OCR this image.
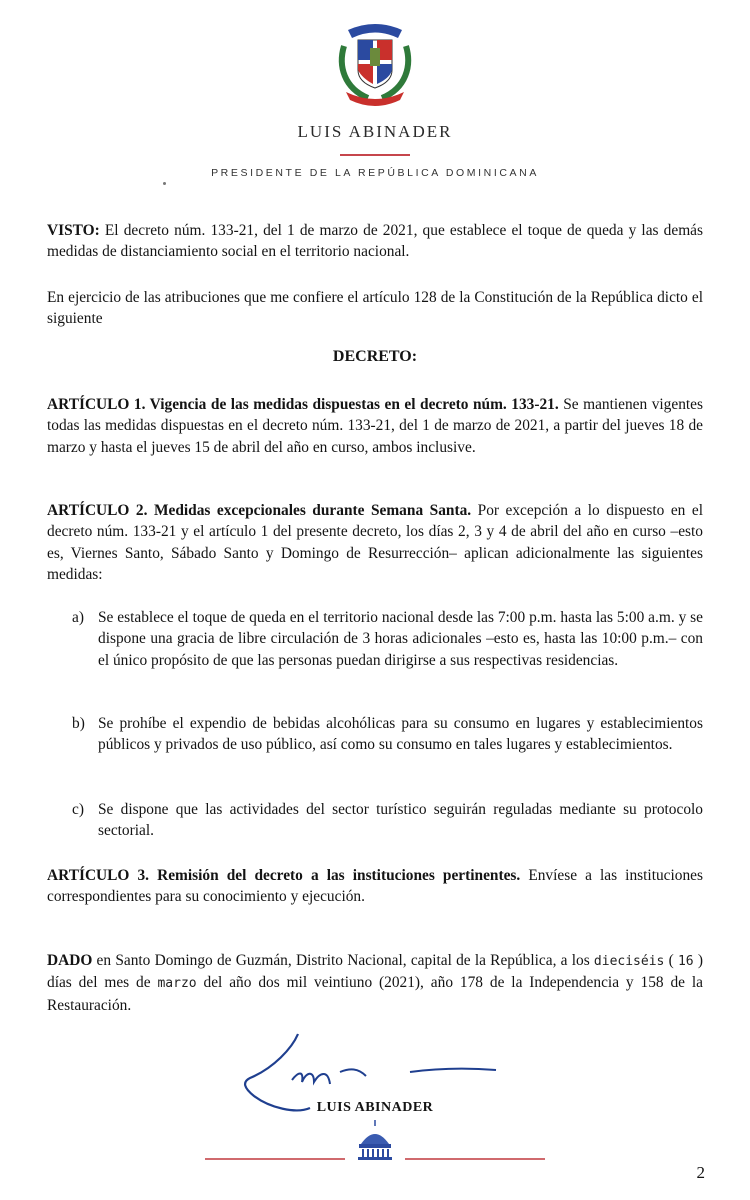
LUIS ABINADER
PRESIDENTE DE LA REPÚBLICA DOMINICANA
VISTO: El decreto núm. 133-21, del 1 de marzo de 2021, que establece el toque de queda y las demás medidas de distanciamiento social en el territorio nacional.
En ejercicio de las atribuciones que me confiere el artículo 128 de la Constitución de la República dicto el siguiente
DECRETO:
ARTÍCULO 1. Vigencia de las medidas dispuestas en el decreto núm. 133-21. Se mantienen vigentes todas las medidas dispuestas en el decreto núm. 133-21, del 1 de marzo de 2021, a partir del jueves 18 de marzo y hasta el jueves 15 de abril del año en curso, ambos inclusive.
ARTÍCULO 2. Medidas excepcionales durante Semana Santa. Por excepción a lo dispuesto en el decreto núm. 133-21 y el artículo 1 del presente decreto, los días 2, 3 y 4 de abril del año en curso –esto es, Viernes Santo, Sábado Santo y Domingo de Resurrección– aplican adicionalmente las siguientes medidas:
a) Se establece el toque de queda en el territorio nacional desde las 7:00 p.m. hasta las 5:00 a.m. y se dispone una gracia de libre circulación de 3 horas adicionales –esto es, hasta las 10:00 p.m.– con el único propósito de que las personas puedan dirigirse a sus respectivas residencias.
b) Se prohíbe el expendio de bebidas alcohólicas para su consumo en lugares y establecimientos públicos y privados de uso público, así como su consumo en tales lugares y establecimientos.
c) Se dispone que las actividades del sector turístico seguirán reguladas mediante su protocolo sectorial.
ARTÍCULO 3. Remisión del decreto a las instituciones pertinentes. Envíese a las instituciones correspondientes para su conocimiento y ejecución.
DADO en Santo Domingo de Guzmán, Distrito Nacional, capital de la República, a los dieciséis ( 16 ) días del mes de marzo del año dos mil veintiuno (2021), año 178 de la Independencia y 158 de la Restauración.
LUIS ABINADER
2
